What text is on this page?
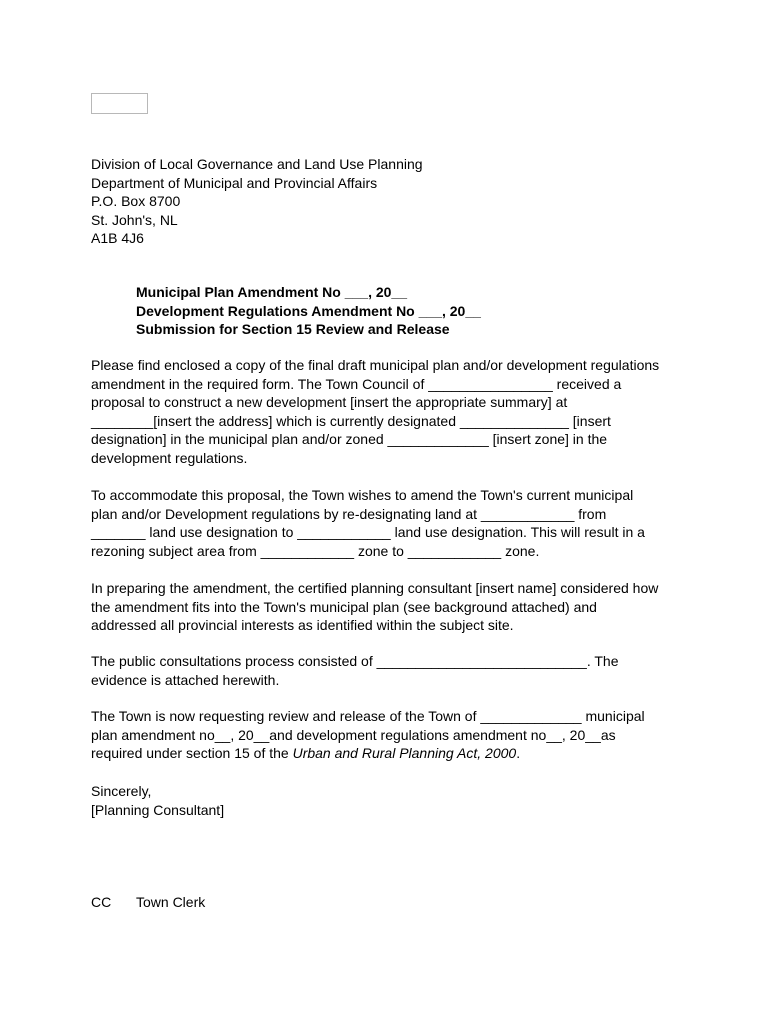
Division of Local Governance and Land Use Planning
Department of Municipal and Provincial Affairs
P.O. Box 8700
St. John's, NL
A1B 4J6
Municipal Plan Amendment No ___, 20__
Development Regulations Amendment No ___, 20__
Submission for Section 15 Review and Release

Please find enclosed a copy of the final draft municipal plan and/or development regulations
amendment in the required form. The Town Council of ________________ received a
proposal to construct a new development [insert the appropriate summary] at
________[insert the address] which is currently designated ______________ [insert
designation] in the municipal plan and/or zoned _____________ [insert zone] in the
development regulations.

To accommodate this proposal, the Town wishes to amend the Town's current municipal
plan and/or Development regulations by re-designating land at ____________ from
_______ land use designation to ____________ land use designation. This will result in a
rezoning subject area from ____________ zone to ____________ zone.

In preparing the amendment, the certified planning consultant [insert name] considered how
the amendment fits into the Town's municipal plan (see background attached) and
addressed all provincial interests as identified within the subject site.

The public consultations process consisted of ___________________________. The
evidence is attached herewith.

The Town is now requesting review and release of the Town of _____________ municipal
plan amendment no__, 20__and development regulations amendment no__, 20__as
required under section 15 of the Urban and Rural Planning Act, 2000.

Sincerely,
[Planning Consultant]
CC Town Clerk
